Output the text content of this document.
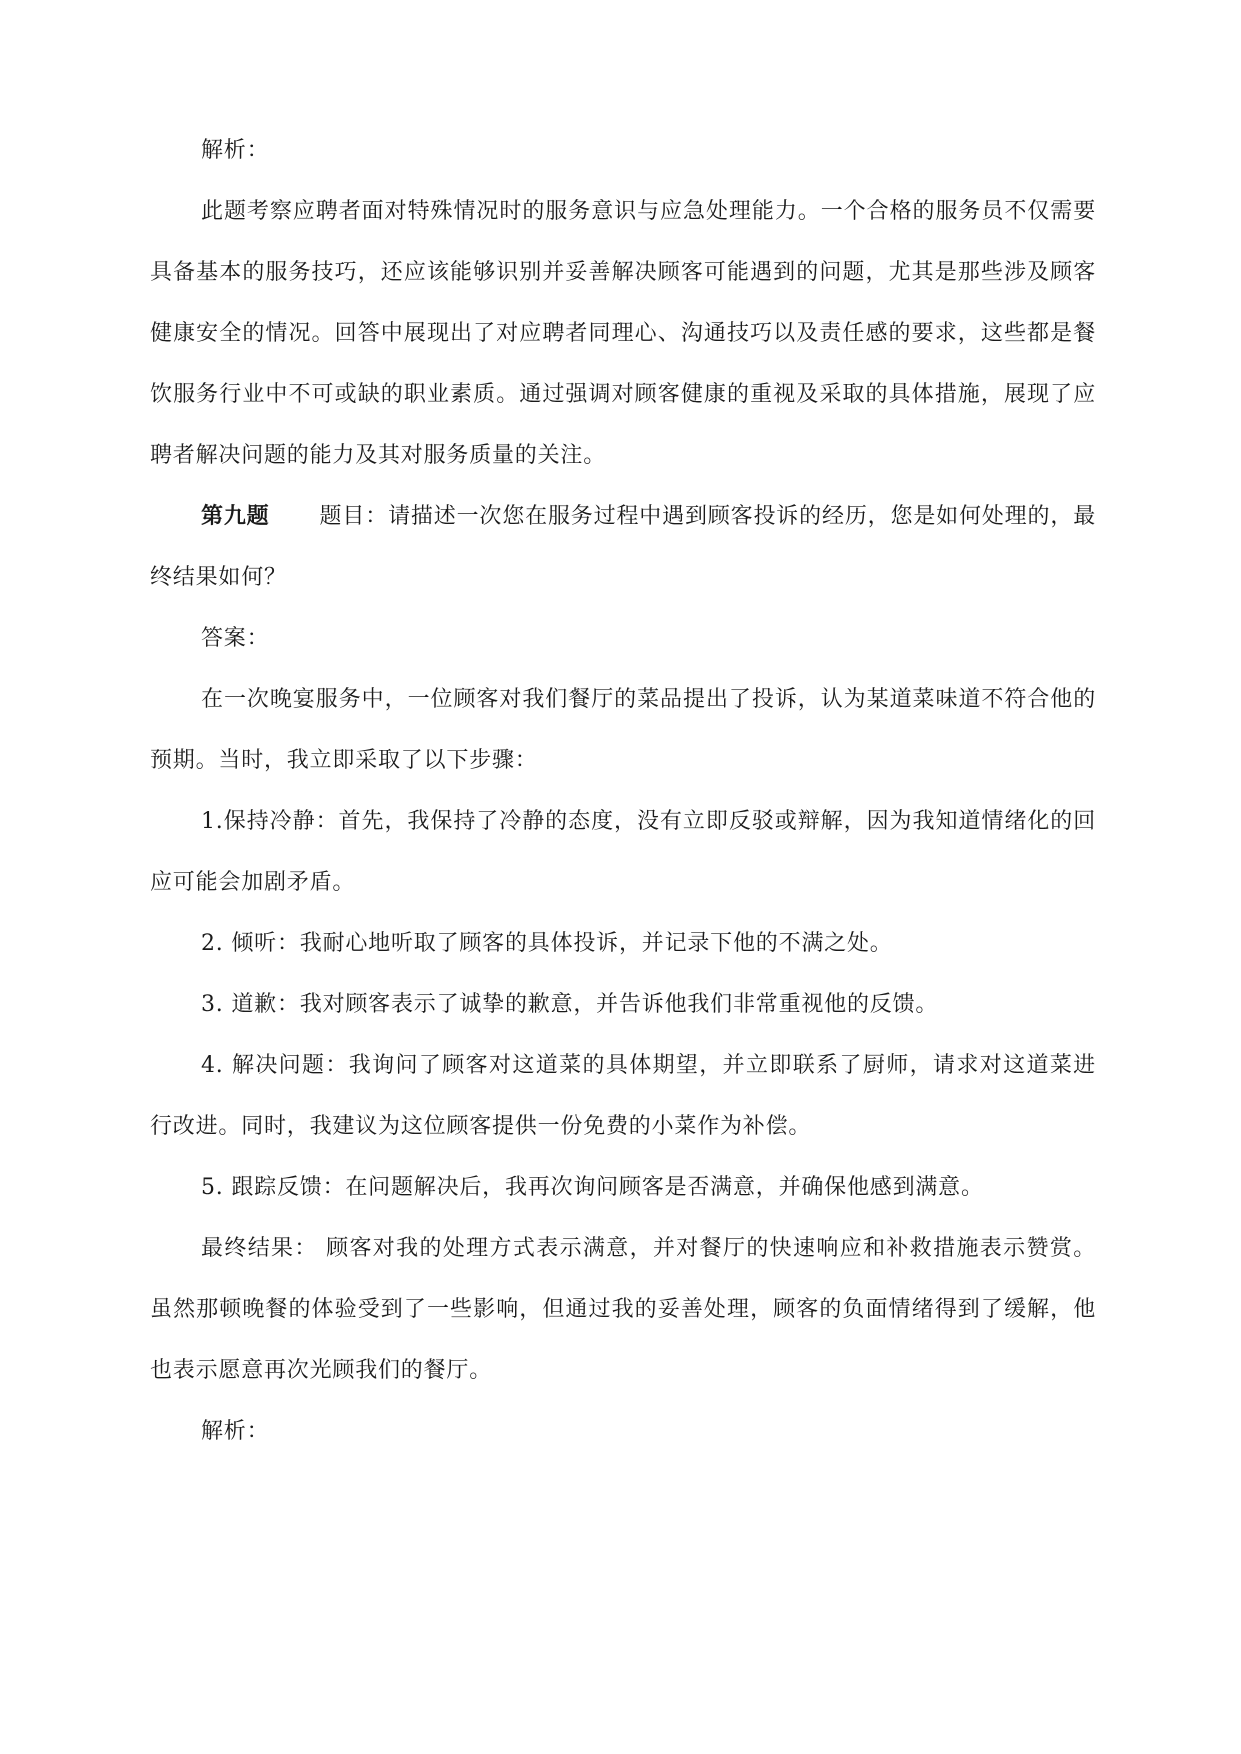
解析：

此题考察应聘者面对特殊情况时的服务意识与应急处理能力。一个合格的服务员不仅需要具备基本的服务技巧，还应该能够识别并妥善解决顾客可能遇到的问题，尤其是那些涉及顾客健康安全的情况。回答中展现出了对应聘者同理心、沟通技巧以及责任感的要求，这些都是餐饮服务行业中不可或缺的职业素质。通过强调对顾客健康的重视及采取的具体措施，展现了应聘者解决问题的能力及其对服务质量的关注。

第九题 题目：请描述一次您在服务过程中遇到顾客投诉的经历，您是如何处理的，最终结果如何？

答案：

在一次晚宴服务中，一位顾客对我们餐厅的菜品提出了投诉，认为某道菜味道不符合他的预期。当时，我立即采取了以下步骤：

1.保持冷静：首先，我保持了冷静的态度，没有立即反驳或辩解，因为我知道情绪化的回应可能会加剧矛盾。

2. 倾听：我耐心地听取了顾客的具体投诉，并记录下他的不满之处。

3. 道歉：我对顾客表示了诚挚的歉意，并告诉他我们非常重视他的反馈。

4. 解决问题：我询问了顾客对这道菜的具体期望，并立即联系了厨师，请求对这道菜进行改进。同时，我建议为这位顾客提供一份免费的小菜作为补偿。

5. 跟踪反馈：在问题解决后，我再次询问顾客是否满意，并确保他感到满意。

最终结果： 顾客对我的处理方式表示满意，并对餐厅的快速响应和补救措施表示赞赏。虽然那顿晚餐的体验受到了一些影响，但通过我的妥善处理，顾客的负面情绪得到了缓解，他也表示愿意再次光顾我们的餐厅。

解析：
